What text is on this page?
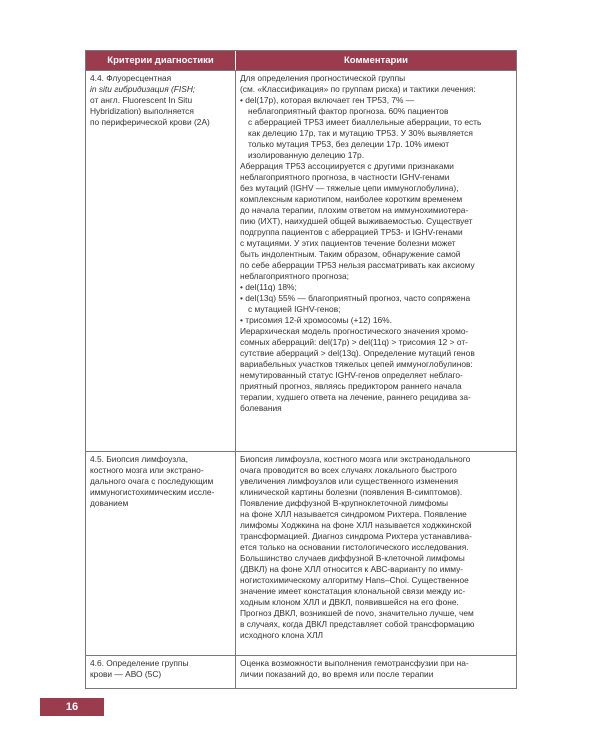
Критерии диагностики	Комментарии

4.4. Флуоресцентная

in situ гибридизация (FISH;

от англ. Fluorescent In Situ

Hybridization) выполняется

по периферической крови (2А)

Для определения прогностической группы

(см. «Классификация» по группам риска) и тактики лечения:

• del(17p), которая включает ген TP53, 7% —

неблагоприятный фактор прогноза. 60% пациентов

с аберрацией TP53 имеет биаллельные аберрации, то есть

как делецию 17p, так и мутацию TP53. У 30% выявляется

только мутация TP53, без делеции 17p. 10% имеют

изолированную делецию 17p.

Аберрация TP53 ассоциируется с другими признаками

неблагоприятного прогноза, в частности IGHV-генами

без мутаций (IGHV — тяжелые цепи иммуноглобулина),

комплексным кариотипом, наиболее коротким временем

до начала терапии, плохим ответом на иммунохимиотера-

пию (ИХТ), наихудшей общей выживаемостью. Существует

подгруппа пациентов с аберрацией TP53- и IGHV-генами

с мутациями. У этих пациентов течение болезни может

быть индолентным. Таким образом, обнаружение самой

по себе аберрации TP53 нельзя рассматривать как аксиому

неблагоприятного прогноза;

• del(11q) 18%;

• del(13q) 55% — благоприятный прогноз, часто сопряжена

с мутацией IGHV-генов;

• трисомия 12-й хромосомы (+12) 16%.

Иерархическая модель прогностического значения хромо-

сомных аберраций: del(17p) > del(11q) > трисомия 12 > от-

сутствие аберраций > del(13q). Определение мутаций генов

вариабельных участков тяжелых цепей иммуноглобулинов:

немутированный статус IGHV-генов определяет неблаго-

приятный прогноз, являясь предиктором раннего начала

терапии, худшего ответа на лечение, раннего рецидива за-

болевания

4.5. Биопсия лимфоузла,

костного мозга или экстрано-

дального очага с последующим

иммуногистохимическим иссле-

дованием

Биопсия лимфоузла, костного мозга или экстранодального

очага проводится во всех случаях локального быстрого

увеличения лимфоузлов или существенного изменения

клинической картины болезни (появления В-симптомов).

Появление диффузной В-крупноклеточной лимфомы

на фоне ХЛЛ называется синдромом Рихтера. Появление

лимфомы Ходжкина на фоне ХЛЛ называется ходжкинской

трансформацией. Диагноз синдрома Рихтера устанавлива-

ется только на основании гистологического исследования.

Большинство случаев диффузной В-клеточной лимфомы

(ДВКЛ) на фоне ХЛЛ относится к АВС-варианту по имму-

ногистохимическому алгоритму Hans–Choi. Существенное

значение имеет констатация клональной связи между ис-

ходным клоном ХЛЛ и ДВКЛ, появившейся на его фоне.

Прогноз ДВКЛ, возникшей de novo, значительно лучше, чем

в случаях, когда ДВКЛ представляет собой трансформацию

исходного клона ХЛЛ

4.6. Определение группы

крови — АВО (5С)

Оценка возможности выполнения гемотрансфузии при на-

личии показаний до, во время или после терапии

16
